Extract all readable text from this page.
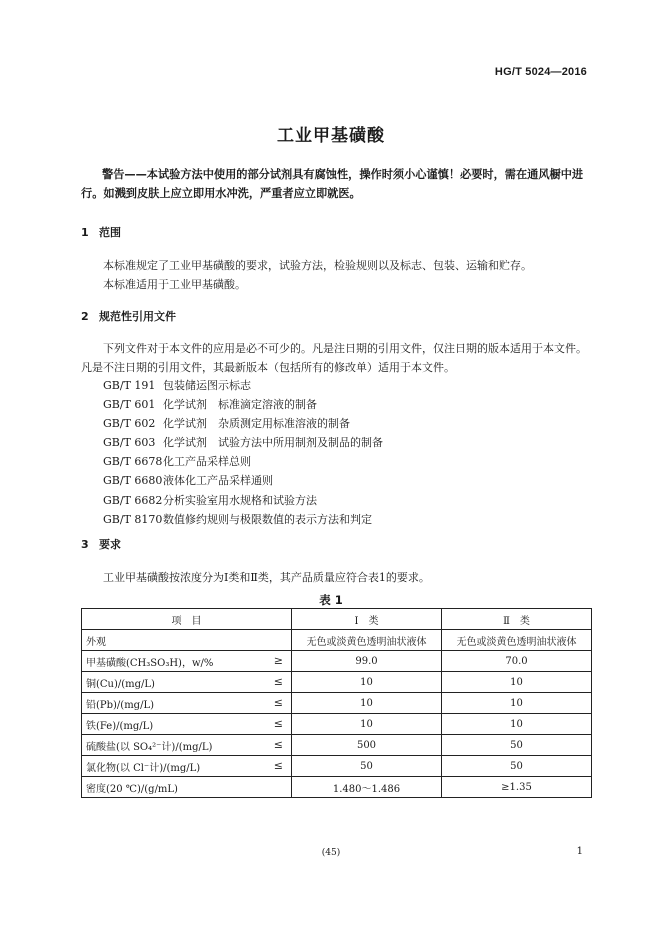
HG/T 5024—2016
工业甲基磺酸
警告——本试验方法中使用的部分试剂具有腐蚀性，操作时须小心谨慎！必要时，需在通风橱中进行。如溅到皮肤上应立即用水冲洗，严重者应立即就医。
1 范围
本标准规定了工业甲基磺酸的要求，试验方法，检验规则以及标志、包装、运输和贮存。
本标准适用于工业甲基磺酸。
2 规范性引用文件
下列文件对于本文件的应用是必不可少的。凡是注日期的引用文件，仅注日期的版本适用于本文件。凡是不注日期的引用文件，其最新版本（包括所有的修改单）适用于本文件。
GB/T 191 包装储运图示标志
GB/T 601 化学试剂　标准滴定溶液的制备
GB/T 602 化学试剂　杂质测定用标准溶液的制备
GB/T 603 化学试剂　试验方法中所用制剂及制品的制备
GB/T 6678 化工产品采样总则
GB/T 6680 液体化工产品采样通则
GB/T 6682 分析实验室用水规格和试验方法
GB/T 8170 数值修约规则与极限数值的表示方法和判定
3 要求
工业甲基磺酸按浓度分为Ⅰ类和Ⅱ类，其产品质量应符合表1的要求。
表 1
项　目	Ⅰ　类	Ⅱ　类
外观	无色或淡黄色透明油状液体	无色或淡黄色透明油状液体
甲基磺酸(CH₃SO₃H)，w/% ≥	99.0	70.0
铜(Cu)/(mg/L) ≤	10	10
铅(Pb)/(mg/L) ≤	10	10
铁(Fe)/(mg/L) ≤	10	10
硫酸盐(以 SO₄²⁻计)/(mg/L) ≤	500	50
氯化物(以 Cl⁻计)/(mg/L) ≤	50	50
密度(20 ℃)/(g/mL)	1.480～1.486	≥1.35
(45)	1
